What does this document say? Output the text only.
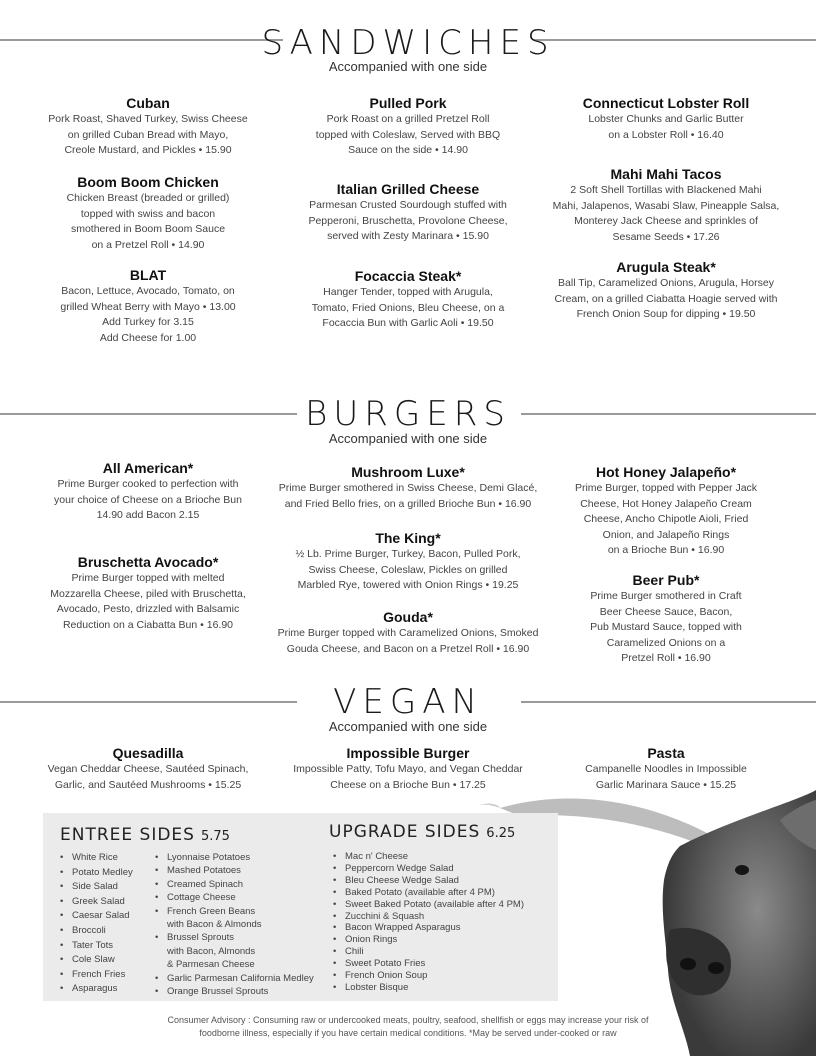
SANDWICHES
Accompanied with one side
Cuban
Pork Roast, Shaved Turkey, Swiss Cheese
on grilled Cuban Bread with Mayo,
Creole Mustard, and Pickles • 15.90
Boom Boom Chicken
Chicken Breast (breaded or grilled)
topped with swiss and bacon
smothered in Boom Boom Sauce
on a Pretzel Roll • 14.90
BLAT
Bacon, Lettuce, Avocado, Tomato, on
grilled Wheat Berry with Mayo • 13.00
Add Turkey for 3.15
Add Cheese for 1.00
Pulled Pork
Pork Roast on a grilled Pretzel Roll
topped with Coleslaw, Served with BBQ
Sauce on the side • 14.90
Italian Grilled Cheese
Parmesan Crusted Sourdough stuffed with
Pepperoni, Bruschetta, Provolone Cheese,
served with Zesty Marinara • 15.90
Focaccia Steak*
Hanger Tender, topped with Arugula,
Tomato, Fried Onions, Bleu Cheese, on a
Focaccia Bun with Garlic Aoli • 19.50
Connecticut Lobster Roll
Lobster Chunks and Garlic Butter
on a Lobster Roll • 16.40
Mahi Mahi Tacos
2 Soft Shell Tortillas with Blackened Mahi
Mahi, Jalapenos, Wasabi Slaw, Pineapple Salsa,
Monterey Jack Cheese and sprinkles of
Sesame Seeds • 17.26
Arugula Steak*
Ball Tip, Caramelized Onions, Arugula, Horsey
Cream, on a grilled Ciabatta Hoagie served with
French Onion Soup for dipping • 19.50
BURGERS
Accompanied with one side
All American*
Prime Burger cooked to perfection with
your choice of Cheese on a Brioche Bun
14.90 add Bacon 2.15
Bruschetta Avocado*
Prime Burger topped with melted
Mozzarella Cheese, piled with Bruschetta,
Avocado, Pesto, drizzled with Balsamic
Reduction on a Ciabatta Bun • 16.90
Mushroom Luxe*
Prime Burger smothered in Swiss Cheese, Demi Glacé,
and Fried Bello fries, on a grilled Brioche Bun • 16.90
The King*
½ Lb. Prime Burger, Turkey, Bacon, Pulled Pork,
Swiss Cheese, Coleslaw, Pickles on grilled
Marbled Rye, towered with Onion Rings • 19.25
Gouda*
Prime Burger topped with Caramelized Onions, Smoked
Gouda Cheese, and Bacon on a Pretzel Roll • 16.90
Hot Honey Jalapeño*
Prime Burger, topped with Pepper Jack
Cheese, Hot Honey Jalapeño Cream
Cheese, Ancho Chipotle Aioli, Fried
Onion, and Jalapeño Rings
on a Brioche Bun • 16.90
Beer Pub*
Prime Burger smothered in Craft
Beer Cheese Sauce, Bacon,
Pub Mustard Sauce, topped with
Caramelized Onions on a
Pretzel Roll • 16.90
VEGAN
Accompanied with one side
Quesadilla
Vegan Cheddar Cheese, Sautéed Spinach,
Garlic, and Sautéed Mushrooms • 15.25
Impossible Burger
Impossible Patty, Tofu Mayo, and Vegan Cheddar
Cheese on a Brioche Bun • 17.25
Pasta
Campanelle Noodles in Impossible
Garlic Marinara Sauce • 15.25
ENTREE SIDES 5.75
• White Rice
• Potato Medley
• Side Salad
• Greek Salad
• Caesar Salad
• Broccoli
• Tater Tots
• Cole Slaw
• French Fries
• Asparagus
• Lyonnaise Potatoes
• Mashed Potatoes
• Creamed Spinach
• Cottage Cheese
• French Green Beans
with Bacon & Almonds
• Brussel Sprouts
with Bacon, Almonds
& Parmesan Cheese
• Garlic Parmesan California Medley
• Orange Brussel Sprouts
UPGRADE SIDES 6.25
• Mac n' Cheese
• Peppercorn Wedge Salad
• Bleu Cheese Wedge Salad
• Baked Potato (available after 4 PM)
• Sweet Baked Potato (available after 4 PM)
• Zucchini & Squash
• Bacon Wrapped Asparagus
• Onion Rings
• Chili
• Sweet Potato Fries
• French Onion Soup
• Lobster Bisque
Consumer Advisory : Consuming raw or undercooked meats, poultry, seafood, shellfish or eggs may increase your risk of foodborne illness, especially if you have certain medical conditions. *May be served under-cooked or raw
